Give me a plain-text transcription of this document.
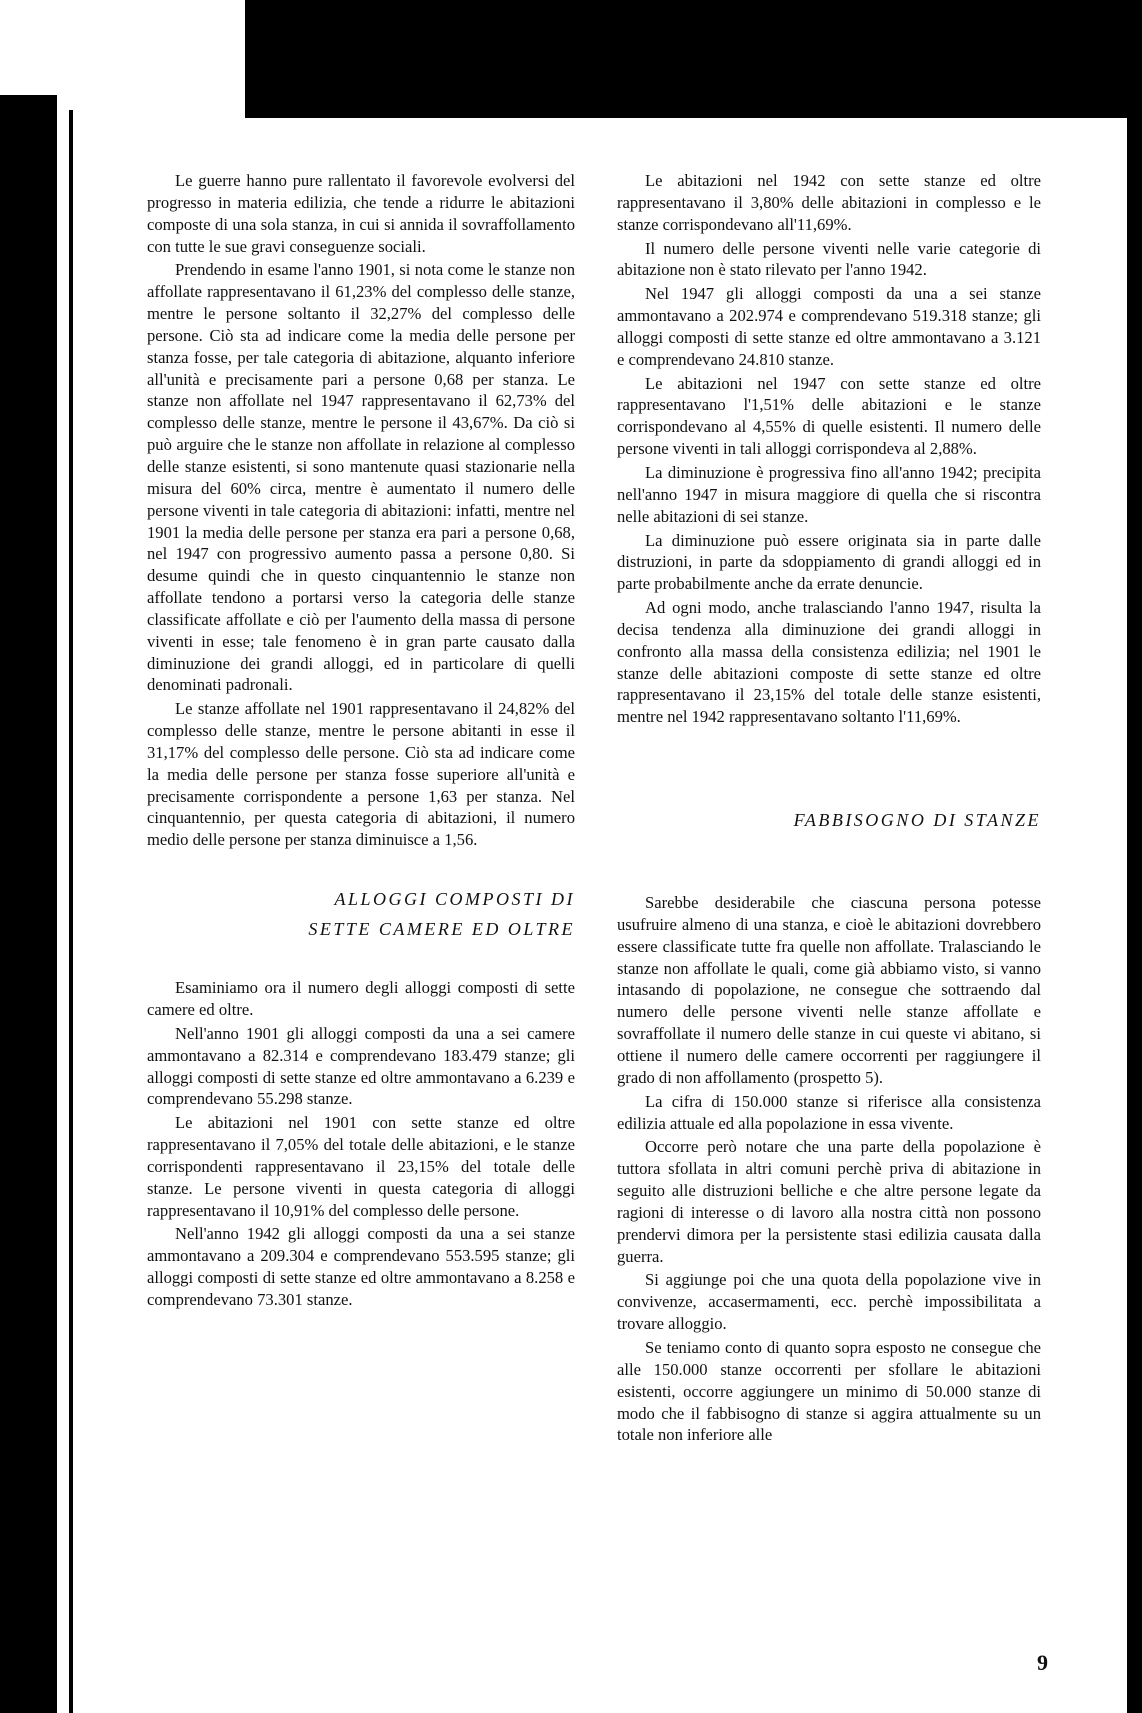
Le guerre hanno pure rallentato il favorevole evolversi del progresso in materia edilizia, che tende a ridurre le abitazioni composte di una sola stanza, in cui si annida il sovraffollamento con tutte le sue gravi conseguenze sociali.

Prendendo in esame l'anno 1901, si nota come le stanze non affollate rappresentavano il 61,23% del complesso delle stanze, mentre le persone soltanto il 32,27% del complesso delle persone. Ciò sta ad indicare come la media delle persone per stanza fosse, per tale categoria di abitazione, alquanto inferiore all'unità e precisamente pari a persone 0,68 per stanza. Le stanze non affollate nel 1947 rappresentavano il 62,73% del complesso delle stanze, mentre le persone il 43,67%. Da ciò si può arguire che le stanze non affollate in relazione al complesso delle stanze esistenti, si sono mantenute quasi stazionarie nella misura del 60% circa, mentre è aumentato il numero delle persone viventi in tale categoria di abitazioni: infatti, mentre nel 1901 la media delle persone per stanza era pari a persone 0,68, nel 1947 con progressivo aumento passa a persone 0,80. Si desume quindi che in questo cinquantennio le stanze non affollate tendono a portarsi verso la categoria delle stanze classificate affollate e ciò per l'aumento della massa di persone viventi in esse; tale fenomeno è in gran parte causato dalla diminuzione dei grandi alloggi, ed in particolare di quelli denominati padronali.

Le stanze affollate nel 1901 rappresentavano il 24,82% del complesso delle stanze, mentre le persone abitanti in esse il 31,17% del complesso delle persone. Ciò sta ad indicare come la media delle persone per stanza fosse superiore all'unità e precisamente corrispondente a persone 1,63 per stanza. Nel cinquantennio, per questa categoria di abitazioni, il numero medio delle persone per stanza diminuisce a 1,56.

ALLOGGI COMPOSTI DI

SETTE CAMERE ED OLTRE

Esaminiamo ora il numero degli alloggi composti di sette camere ed oltre.

Nell'anno 1901 gli alloggi composti da una a sei camere ammontavano a 82.314 e comprendevano 183.479 stanze; gli alloggi composti di sette stanze ed oltre ammontavano a 6.239 e comprendevano 55.298 stanze.

Le abitazioni nel 1901 con sette stanze ed oltre rappresentavano il 7,05% del totale delle abitazioni, e le stanze corrispondenti rappresentavano il 23,15% del totale delle stanze. Le persone viventi in questa categoria di alloggi rappresentavano il 10,91% del complesso delle persone.

Nell'anno 1942 gli alloggi composti da una a sei stanze ammontavano a 209.304 e comprendevano 553.595 stanze; gli alloggi composti di sette stanze ed oltre ammontavano a 8.258 e comprendevano 73.301 stanze.

Le abitazioni nel 1942 con sette stanze ed oltre rappresentavano il 3,80% delle abitazioni in complesso e le stanze corrispondevano all'11,69%.

Il numero delle persone viventi nelle varie categorie di abitazione non è stato rilevato per l'anno 1942.

Nel 1947 gli alloggi composti da una a sei stanze ammontavano a 202.974 e comprendevano 519.318 stanze; gli alloggi composti di sette stanze ed oltre ammontavano a 3.121 e comprendevano 24.810 stanze.

Le abitazioni nel 1947 con sette stanze ed oltre rappresentavano l'1,51% delle abitazioni e le stanze corrispondevano al 4,55% di quelle esistenti. Il numero delle persone viventi in tali alloggi corrispondeva al 2,88%.

La diminuzione è progressiva fino all'anno 1942; precipita nell'anno 1947 in misura maggiore di quella che si riscontra nelle abitazioni di sei stanze.

La diminuzione può essere originata sia in parte dalle distruzioni, in parte da sdoppiamento di grandi alloggi ed in parte probabilmente anche da errate denuncie.

Ad ogni modo, anche tralasciando l'anno 1947, risulta la decisa tendenza alla diminuzione dei grandi alloggi in confronto alla massa della consistenza edilizia; nel 1901 le stanze delle abitazioni composte di sette stanze ed oltre rappresentavano il 23,15% del totale delle stanze esistenti, mentre nel 1942 rappresentavano soltanto l'11,69%.

FABBISOGNO DI STANZE

Sarebbe desiderabile che ciascuna persona potesse usufruire almeno di una stanza, e cioè le abitazioni dovrebbero essere classificate tutte fra quelle non affollate. Tralasciando le stanze non affollate le quali, come già abbiamo visto, si vanno intasando di popolazione, ne consegue che sottraendo dal numero delle persone viventi nelle stanze affollate e sovraffollate il numero delle stanze in cui queste vi abitano, si ottiene il numero delle camere occorrenti per raggiungere il grado di non affollamento (prospetto 5).

La cifra di 150.000 stanze si riferisce alla consistenza edilizia attuale ed alla popolazione in essa vivente.

Occorre però notare che una parte della popolazione è tuttora sfollata in altri comuni perchè priva di abitazione in seguito alle distruzioni belliche e che altre persone legate da ragioni di interesse o di lavoro alla nostra città non possono prendervi dimora per la persistente stasi edilizia causata dalla guerra.

Si aggiunge poi che una quota della popolazione vive in convivenze, accasermamenti, ecc. perchè impossibilitata a trovare alloggio.

Se teniamo conto di quanto sopra esposto ne consegue che alle 150.000 stanze occorrenti per sfollare le abitazioni esistenti, occorre aggiungere un minimo di 50.000 stanze di modo che il fabbisogno di stanze si aggira attualmente su un totale non inferiore alle

9
